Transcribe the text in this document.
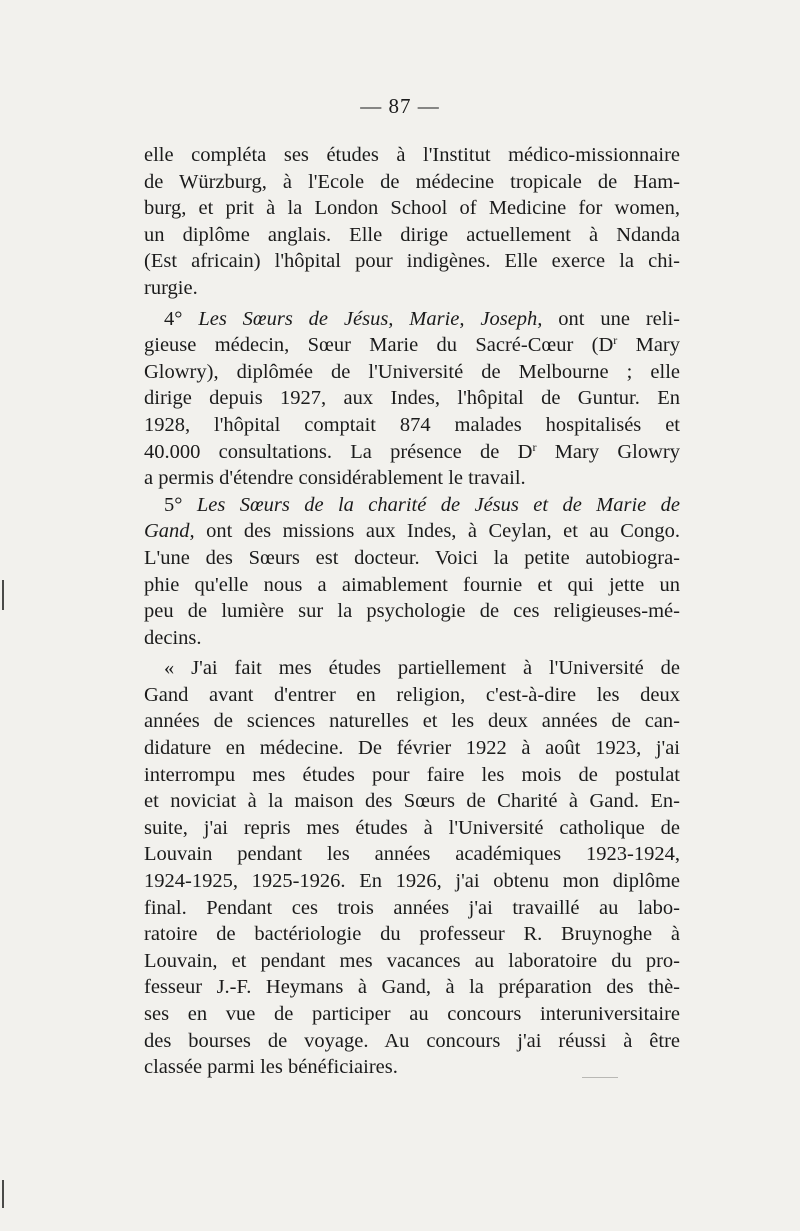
— 87 —
elle compléta ses études à l'Institut médico-missionnaire
de Würzburg, à l'Ecole de médecine tropicale de Ham-
burg, et prit à la London School of Medicine for women,
un diplôme anglais. Elle dirige actuellement à Ndanda
(Est africain) l'hôpital pour indigènes. Elle exerce la chi-
rurgie.
4° Les Sœurs de Jésus, Marie, Joseph, ont une reli-
gieuse médecin, Sœur Marie du Sacré-Cœur ($D^r$ Mary
Glowry), diplômée de l'Université de Melbourne ; elle
dirige depuis 1927, aux Indes, l'hôpital de Guntur. En
1928, l'hôpital comptait 874 malades hospitalisés et
40.000 consultations. La présence de $D^r$ Mary Glowry
a permis d'étendre considérablement le travail.
5° Les Sœurs de la charité de Jésus et de Marie de
Gand, ont des missions aux Indes, à Ceylan, et au Congo.
L'une des Sœurs est docteur. Voici la petite autobiogra-
phie qu'elle nous a aimablement fournie et qui jette un
peu de lumière sur la psychologie de ces religieuses-mé-
decins.
« J'ai fait mes études partiellement à l'Université de
Gand avant d'entrer en religion, c'est-à-dire les deux
années de sciences naturelles et les deux années de can-
didature en médecine. De février 1922 à août 1923, j'ai
interrompu mes études pour faire les mois de postulat
et noviciat à la maison des Sœurs de Charité à Gand. En-
suite, j'ai repris mes études à l'Université catholique de
Louvain pendant les années académiques 1923-1924,
1924-1925, 1925-1926. En 1926, j'ai obtenu mon diplôme
final. Pendant ces trois années j'ai travaillé au labo-
ratoire de bactériologie du professeur R. Bruynoghe à
Louvain, et pendant mes vacances au laboratoire du pro-
fesseur J.-F. Heymans à Gand, à la préparation des thè-
ses en vue de participer au concours interuniversitaire
des bourses de voyage. Au concours j'ai réussi à être
classée parmi les bénéficiaires.
